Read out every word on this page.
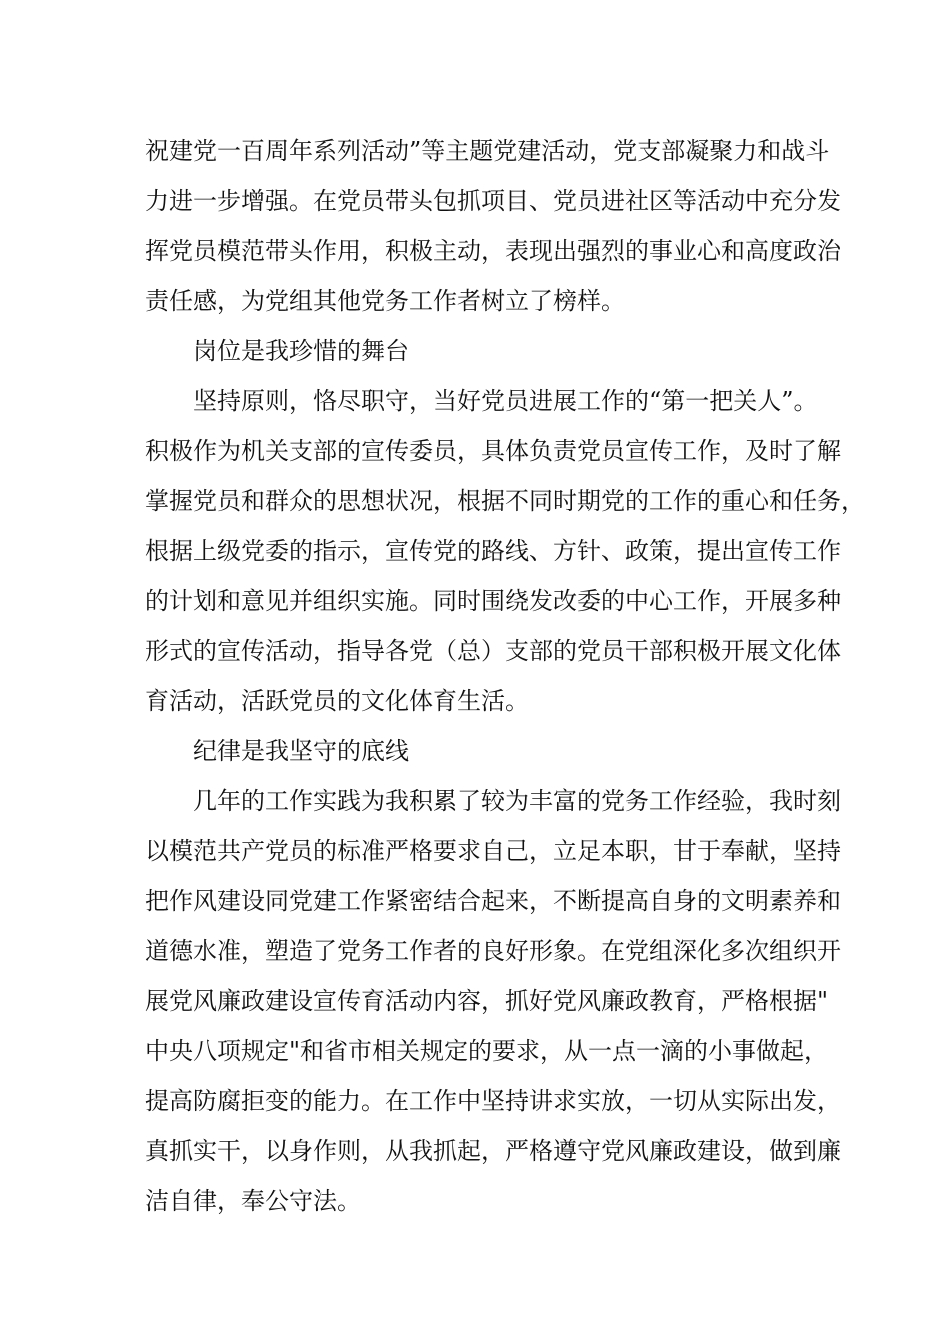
祝建党一百周年系列活动”等主题党建活动，党支部凝聚力和战斗
力进一步增强。在党员带头包抓项目、党员进社区等活动中充分发
挥党员模范带头作用，积极主动，表现出强烈的事业心和高度政治
责任感，为党组其他党务工作者树立了榜样。
岗位是我珍惜的舞台
坚持原则，恪尽职守，当好党员进展工作的“第一把关人”。
积极作为机关支部的宣传委员，具体负责党员宣传工作，及时了解
掌握党员和群众的思想状况，根据不同时期党的工作的重心和任务，
根据上级党委的指示，宣传党的路线、方针、政策，提出宣传工作
的计划和意见并组织实施。同时围绕发改委的中心工作，开展多种
形式的宣传活动，指导各党（总）支部的党员干部积极开展文化体
育活动，活跃党员的文化体育生活。
纪律是我坚守的底线
几年的工作实践为我积累了较为丰富的党务工作经验，我时刻
以模范共产党员的标准严格要求自己，立足本职，甘于奉献，坚持
把作风建设同党建工作紧密结合起来，不断提高自身的文明素养和
道德水准，塑造了党务工作者的良好形象。在党组深化多次组织开
展党风廉政建设宣传育活动内容，抓好党风廉政教育，严格根据"
中央八项规定"和省市相关规定的要求，从一点一滴的小事做起，
提高防腐拒变的能力。在工作中坚持讲求实放，一切从实际出发，
真抓实干，以身作则，从我抓起，严格遵守党风廉政建设，做到廉
洁自律，奉公守法。
